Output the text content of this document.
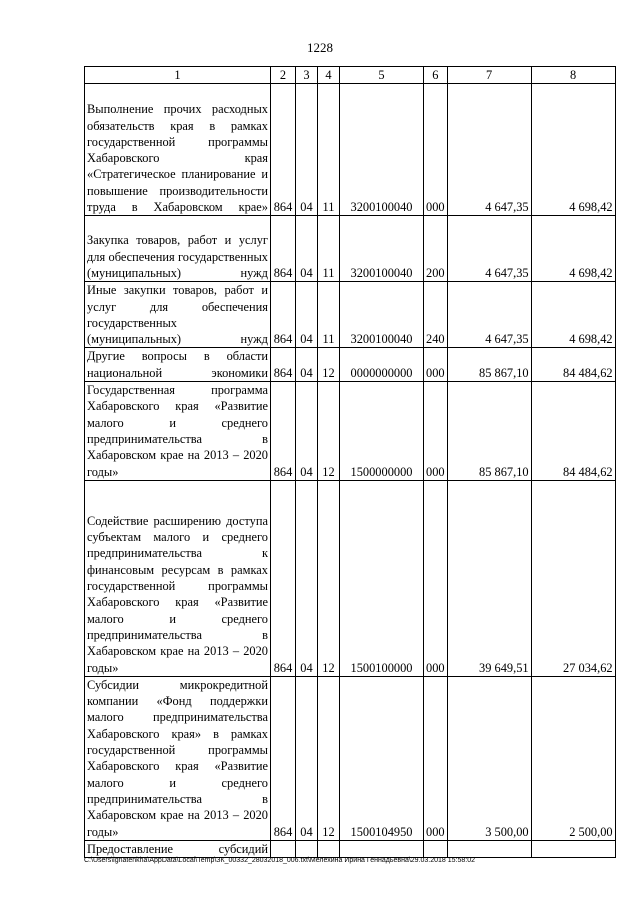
1228
1	2	3	4	5	6	7	8
Выполнение прочих расходных обязательств края в рамках государственной программы Хабаровского края «Стратегическое планирование и повышение производительности труда в Хабаровском крае»	864	04	11	3200100040	000	4 647,35	4 698,42
Закупка товаров, работ и услуг для обеспечения государственных (муниципальных) нужд	864	04	11	3200100040	200	4 647,35	4 698,42
Иные закупки товаров, работ и услуг для обеспечения государственных (муниципальных) нужд	864	04	11	3200100040	240	4 647,35	4 698,42
Другие вопросы в области национальной экономики	864	04	12	0000000000	000	85 867,10	84 484,62
Государственная программа Хабаровского края «Развитие малого и среднего предпринимательства в Хабаровском крае на 2013 – 2020 годы»	864	04	12	1500000000	000	85 867,10	84 484,62
Содействие расширению доступа субъектам малого и среднего предпринимательства к финансовым ресурсам в рамках государственной программы Хабаровского края «Развитие малого и среднего предпринимательства в Хабаровском крае на 2013 – 2020 годы»	864	04	12	1500100000	000	39 649,51	27 034,62
Субсидии микрокредитной компании «Фонд поддержки малого предпринимательства Хабаровского края» в рамках государственной программы Хабаровского края «Развитие малого и среднего предпринимательства в Хабаровском крае на 2013 – 2020 годы»	864	04	12	1500104950	000	3 500,00	2 500,00
Предоставление субсидий							
C:\Users\ignatenkha\AppData\Local\Temp\ЗК_00332_28032018_006.txt\Мелехина Ирина Геннадьевна\29.03.2018 15:58:02
